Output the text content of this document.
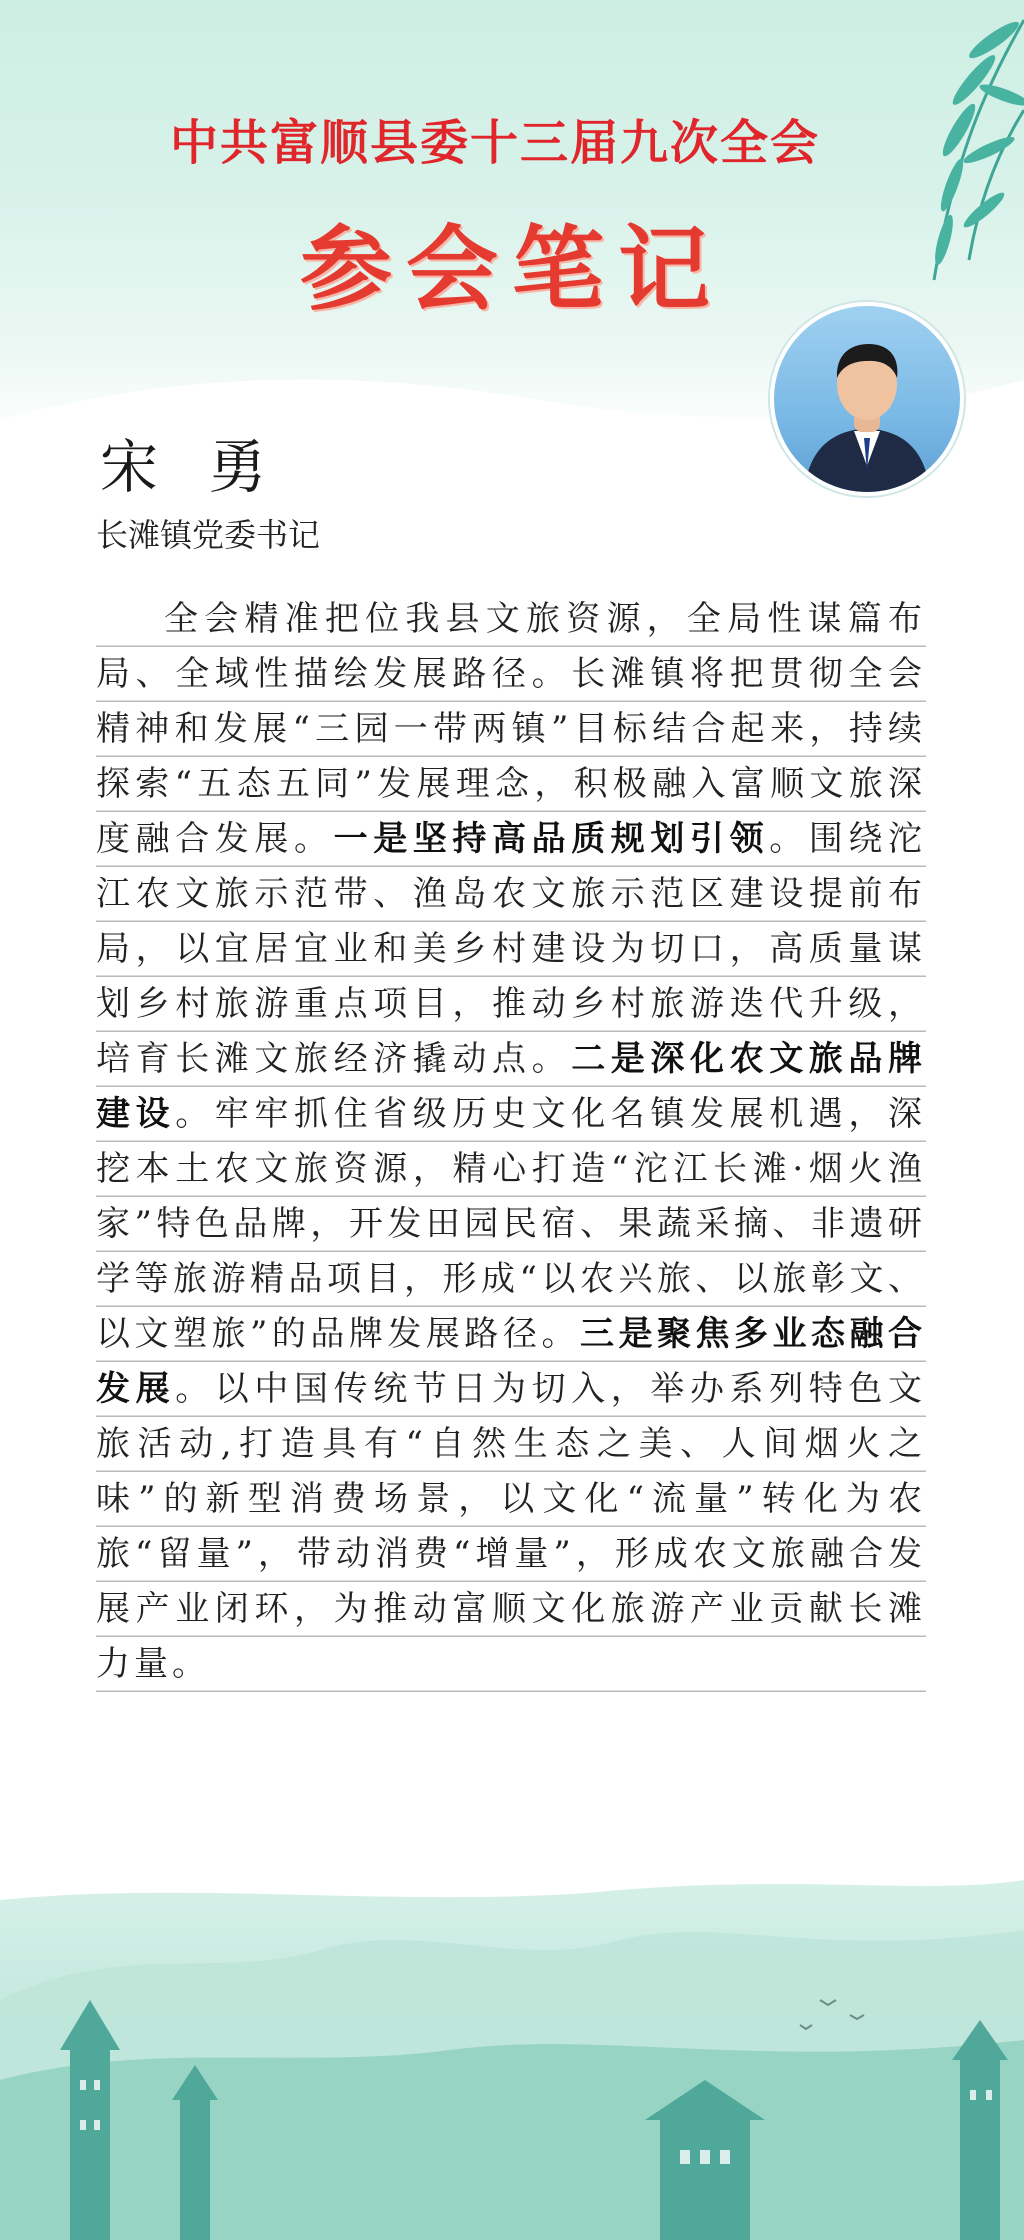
中共富顺县委十三届九次全会
参会笔记
宋 勇
长滩镇党委书记

全会精准把位我县文旅资源，全局性谋篇布局、全域性描绘发展路径。长滩镇将把贯彻全会精神和发展“三园一带两镇”目标结合起来，持续探索“五态五同”发展理念，积极融入富顺文旅深度融合发展。一是坚持高品质规划引领。围绕沱江农文旅示范带、渔岛农文旅示范区建设提前布局，以宜居宜业和美乡村建设为切口，高质量谋划乡村旅游重点项目，推动乡村旅游迭代升级，培育长滩文旅经济撬动点。二是深化农文旅品牌建设。牢牢抓住省级历史文化名镇发展机遇，深挖本土农文旅资源，精心打造“沱江长滩·烟火渔家”特色品牌，开发田园民宿、果蔬采摘、非遗研学等旅游精品项目，形成“以农兴旅、以旅彰文、以文塑旅”的品牌发展路径。三是聚焦多业态融合发展。以中国传统节日为切入，举办系列特色文旅活动,打造具有“自然生态之美、人间烟火之味”的新型消费场景，以文化“流量”转化为农旅“留量”，带动消费“增量”，形成农文旅融合发展产业闭环，为推动富顺文化旅游产业贡献长滩力量。
